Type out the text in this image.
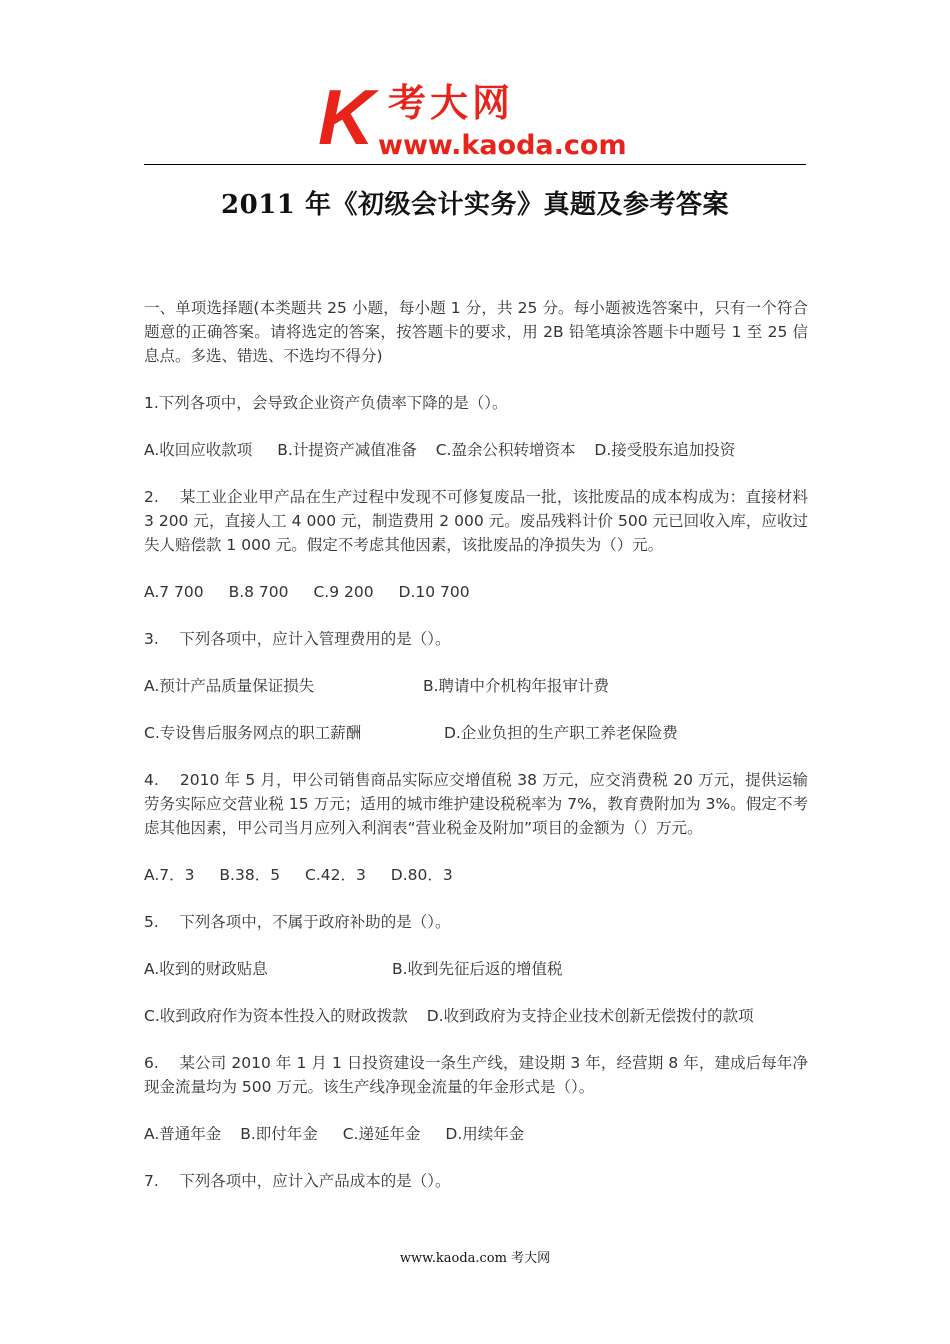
K 考大网
www.kaoda.com
2011 年《初级会计实务》真题及参考答案

一、单项选择题(本类题共 25 小题，每小题 1 分，共 25 分。每小题被选答案中，只有一个符合题意的正确答案。请将选定的答案，按答题卡的要求，用 2B 铅笔填涂答题卡中题号 1 至 25 信息点。多选、错选、不选均不得分)

1.下列各项中，会导致企业资产负债率下降的是（）。

A.收回应收款项 B.计提资产减值准备 C.盈余公积转增资本 D.接受股东追加投资

2.　 某工业企业甲产品在生产过程中发现不可修复废品一批，该批废品的成本构成为：直接材料 3 200 元，直接人工 4 000 元，制造费用 2 000 元。废品残料计价 500 元已回收入库，应收过失人赔偿款 1 000 元。假定不考虑其他因素，该批废品的净损失为（）元。

A.7 700 B.8 700 C.9 200 D.10 700

3.　 下列各项中，应计入管理费用的是（）。

A.预计产品质量保证损失	B.聘请中介机构年报审计费
C.专设售后服务网点的职工薪酬	D.企业负担的生产职工养老保险费

4.　 2010 年 5 月，甲公司销售商品实际应交增值税 38 万元，应交消费税 20 万元，提供运输劳务实际应交营业税 15 万元；适用的城市维护建设税税率为 7%，教育费附加为 3%。假定不考虑其他因素，甲公司当月应列入利润表“营业税金及附加”项目的金额为（）万元。

A.7．3 B.38．5 C.42．3 D.80．3

5.　 下列各项中，不属于政府补助的是（）。

A.收到的财政贴息	B.收到先征后返的增值税
C.收到政府作为资本性投入的财政拨款 D.收到政府为支持企业技术创新无偿拨付的款项

6.　 某公司 2010 年 1 月 1 日投资建设一条生产线，建设期 3 年，经营期 8 年，建成后每年净现金流量均为 500 万元。该生产线净现金流量的年金形式是（）。

A.普通年金 B.即付年金 C.递延年金 D.用续年金

7.　 下列各项中，应计入产品成本的是（）。

www.kaoda.com 考大网
